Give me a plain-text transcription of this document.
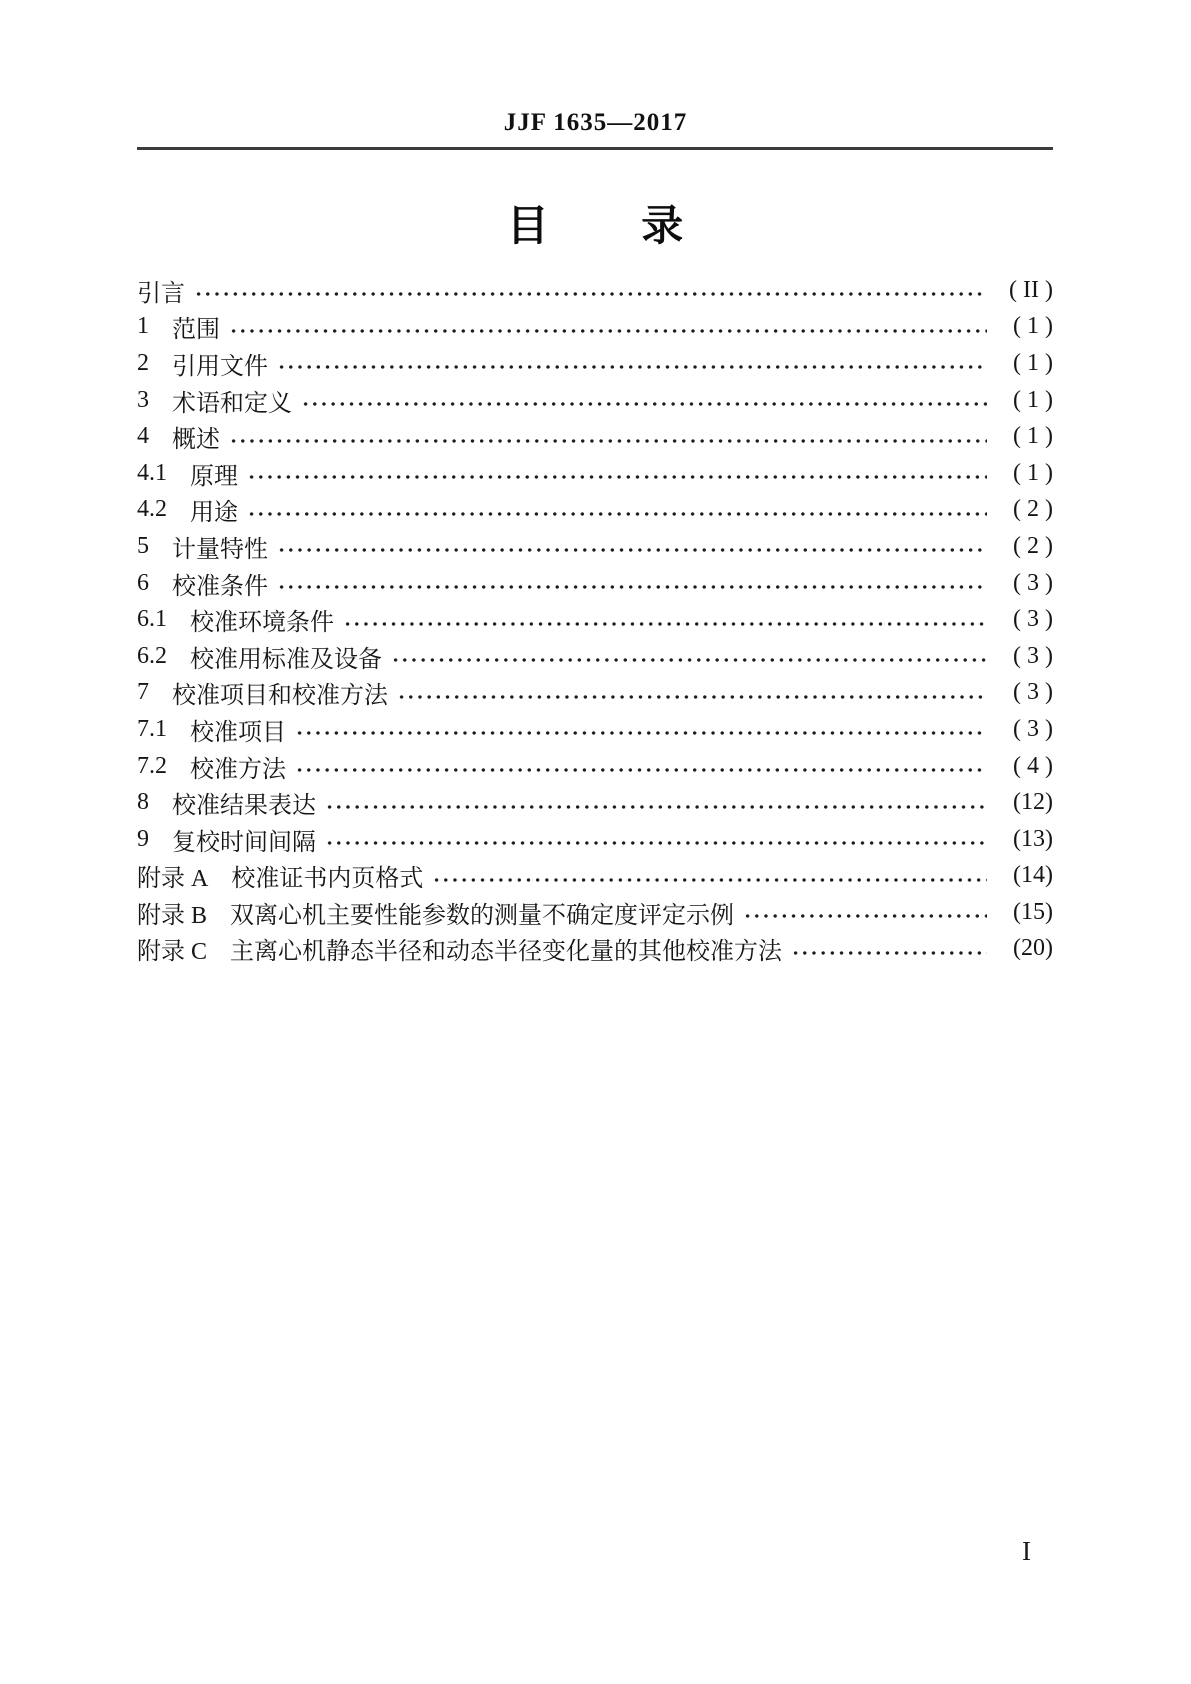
JJF 1635—2017
目 录
引言	( II )
1 范围	( 1 )
2 引用文件	( 1 )
3 术语和定义	( 1 )
4 概述	( 1 )
4.1 原理	( 1 )
4.2 用途	( 2 )
5 计量特性	( 2 )
6 校准条件	( 3 )
6.1 校准环境条件	( 3 )
6.2 校准用标准及设备	( 3 )
7 校准项目和校准方法	( 3 )
7.1 校准项目	( 3 )
7.2 校准方法	( 4 )
8 校准结果表达	(12)
9 复校时间间隔	(13)
附录 A 校准证书内页格式	(14)
附录 B 双离心机主要性能参数的测量不确定度评定示例	(15)
附录 C 主离心机静态半径和动态半径变化量的其他校准方法	(20)
I
